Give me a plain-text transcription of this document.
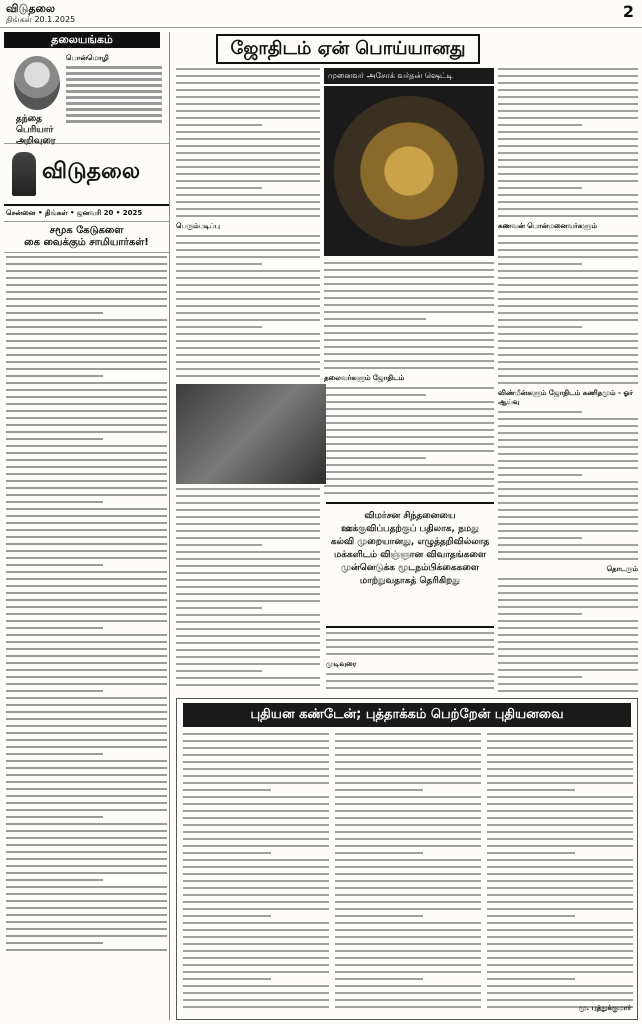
விடுதலை
திங்கள் 20.1.2025	2
தலையங்கம்
தந்தை
பெரியார்
அறிவுரை
பொன்மொழி
விடுதலை
சென்னை • திங்கள் • ஜனவரி 20 • 2025
சமூக கேடுகளை
கை வைக்கும் சாமியார்கள்!
ஜோதிடம் ஏன் பொய்யானது
பெரும்படிப்பு
முனைவர் அசோக் வர்தன் ஷெட்டி
தலைவர்களும் ஜோதிடம்
விமர்சன சிந்தனையை ஊக்குவிப்பதற்குப் பதிலாக, நமது கல்வி முறையானது, எழுத்தறிவில்லாத மக்களிடம் விஞ்ஞான விவாதங்களை முன்னெடுக்க மூடநம்பிக்கைகளை மாற்றுவதாகத் தெரிகிறது
முடிவுரை
கணவன் பொன்மனைவர்களும்
விண்மீன்களும் ஜோதிடம் கணிதமும் - ஓர் ஆய்வு
தொடரும்
புதியன கண்டேன்; புத்தாக்கம் பெற்றேன் புதியனவை
மு. புத்துக்குமார்
